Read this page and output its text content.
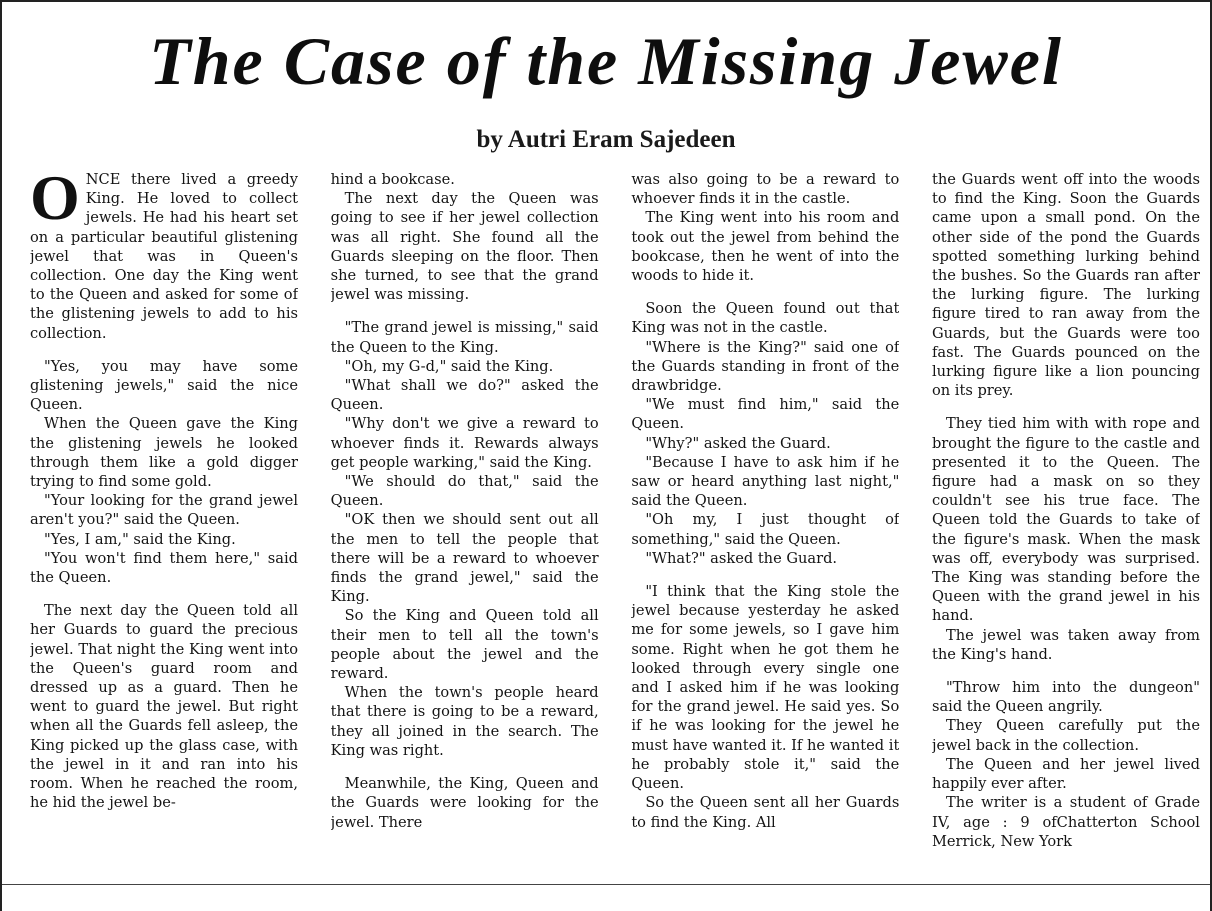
The Case of the Missing Jewel
by Autri Eram Sajedeen

ONCE there lived a greedy King. He loved to collect jewels. He had his heart set on a particular beautiful glistening jewel that was in Queen's collection. One day the King went to the Queen and asked for some of the glistening jewels to add to his collection.

"Yes, you may have some glistening jewels," said the nice Queen.

When the Queen gave the King the glistening jewels he looked through them like a gold digger trying to find some gold.

"Your looking for the grand jewel aren't you?" said the Queen.

"Yes, I am," said the King.

"You won't find them here," said the Queen.

The next day the Queen told all her Guards to guard the precious jewel. That night the King went into the Queen's guard room and dressed up as a guard. Then he went to guard the jewel. But right when all the Guards fell asleep, the King picked up the glass case, with the jewel in it and ran into his room. When he reached the room, he hid the jewel be-

hind a bookcase.

The next day the Queen was going to see if her jewel collection was all right. She found all the Guards sleeping on the floor. Then she turned, to see that the grand jewel was missing.

"The grand jewel is missing," said the Queen to the King.

"Oh, my G-d," said the King.

"What shall we do?" asked the Queen.

"Why don't we give a reward to whoever finds it. Rewards always get people warking," said the King.

"We should do that," said the Queen.

"OK then we should sent out all the men to tell the people that there will be a reward to whoever finds the grand jewel," said the King.

So the King and Queen told all their men to tell all the town's people about the jewel and the reward.

When the town's people heard that there is going to be a reward, they all joined in the search. The King was right.

Meanwhile, the King, Queen and the Guards were looking for the jewel. There

was also going to be a reward to whoever finds it in the castle.

The King went into his room and took out the jewel from behind the bookcase, then he went of into the woods to hide it.

Soon the Queen found out that King was not in the castle.

"Where is the King?" said one of the Guards standing in front of the drawbridge.

"We must find him," said the Queen.

"Why?" asked the Guard.

"Because I have to ask him if he saw or heard anything last night," said the Queen.

"Oh my, I just thought of something," said the Queen.

"What?" asked the Guard.

"I think that the King stole the jewel because yesterday he asked me for some jewels, so I gave him some. Right when he got them he looked through every single one and I asked him if he was looking for the grand jewel. He said yes. So if he was looking for the jewel he must have wanted it. If he wanted it he probably stole it," said the Queen.

So the Queen sent all her Guards to find the King. All

the Guards went off into the woods to find the King. Soon the Guards came upon a small pond. On the other side of the pond the Guards spotted something lurking behind the bushes. So the Guards ran after the lurking figure. The lurking figure tired to ran away from the Guards, but the Guards were too fast. The Guards pounced on the lurking figure like a lion pouncing on its prey.

They tied him with with rope and brought the figure to the castle and presented it to the Queen. The figure had a mask on so they couldn't see his true face. The Queen told the Guards to take of the figure's mask. When the mask was off, everybody was surprised. The King was standing before the Queen with the grand jewel in his hand.

The jewel was taken away from the King's hand.

"Throw him into the dungeon" said the Queen angrily.

They Queen carefully put the jewel back in the collection.

The Queen and her jewel lived happily ever after.

The writer is a student of Grade IV, age : 9 ofChatterton School Merrick, New York
